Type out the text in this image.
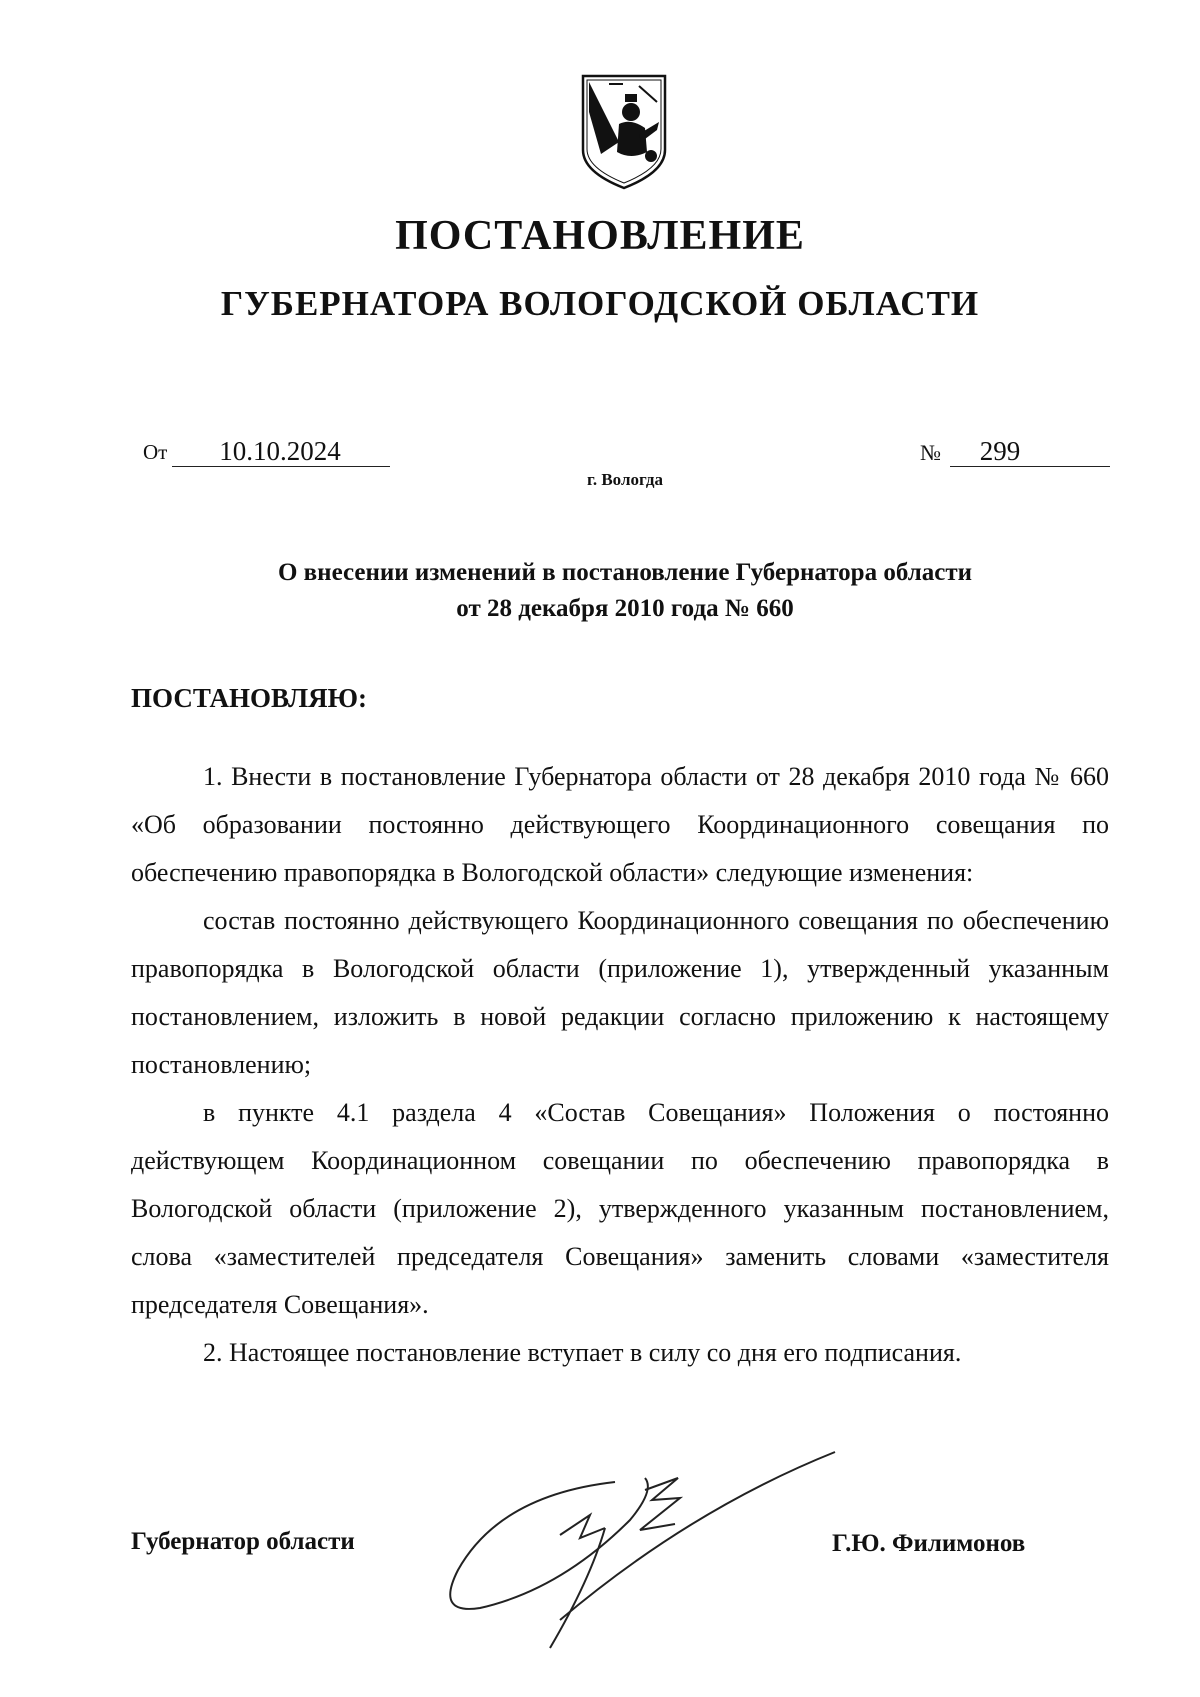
ПОСТАНОВЛЕНИЕ
ГУБЕРНАТОРА ВОЛОГОДСКОЙ ОБЛАСТИ
От	10.10.2024	№	299
г. Вологда
О внесении изменений в постановление Губернатора области
от 28 декабря 2010 года № 660
ПОСТАНОВЛЯЮ:

1. Внести в постановление Губернатора области от 28 декабря 2010 года № 660 «Об образовании постоянно действующего Координационного совещания по обеспечению правопорядка в Вологодской области» следующие изменения:

состав постоянно действующего Координационного совещания по обеспечению правопорядка в Вологодской области (приложение 1), утвержденный указанным постановлением, изложить в новой редакции согласно приложению к настоящему постановлению;

в пункте 4.1 раздела 4 «Состав Совещания» Положения о постоянно действующем Координационном совещании по обеспечению правопорядка в Вологодской области (приложение 2), утвержденного указанным постановлением, слова «заместителей председателя Совещания» заменить словами «заместителя председателя Совещания».

2. Настоящее постановление вступает в силу со дня его подписания.

Губернатор области	Г.Ю. Филимонов
